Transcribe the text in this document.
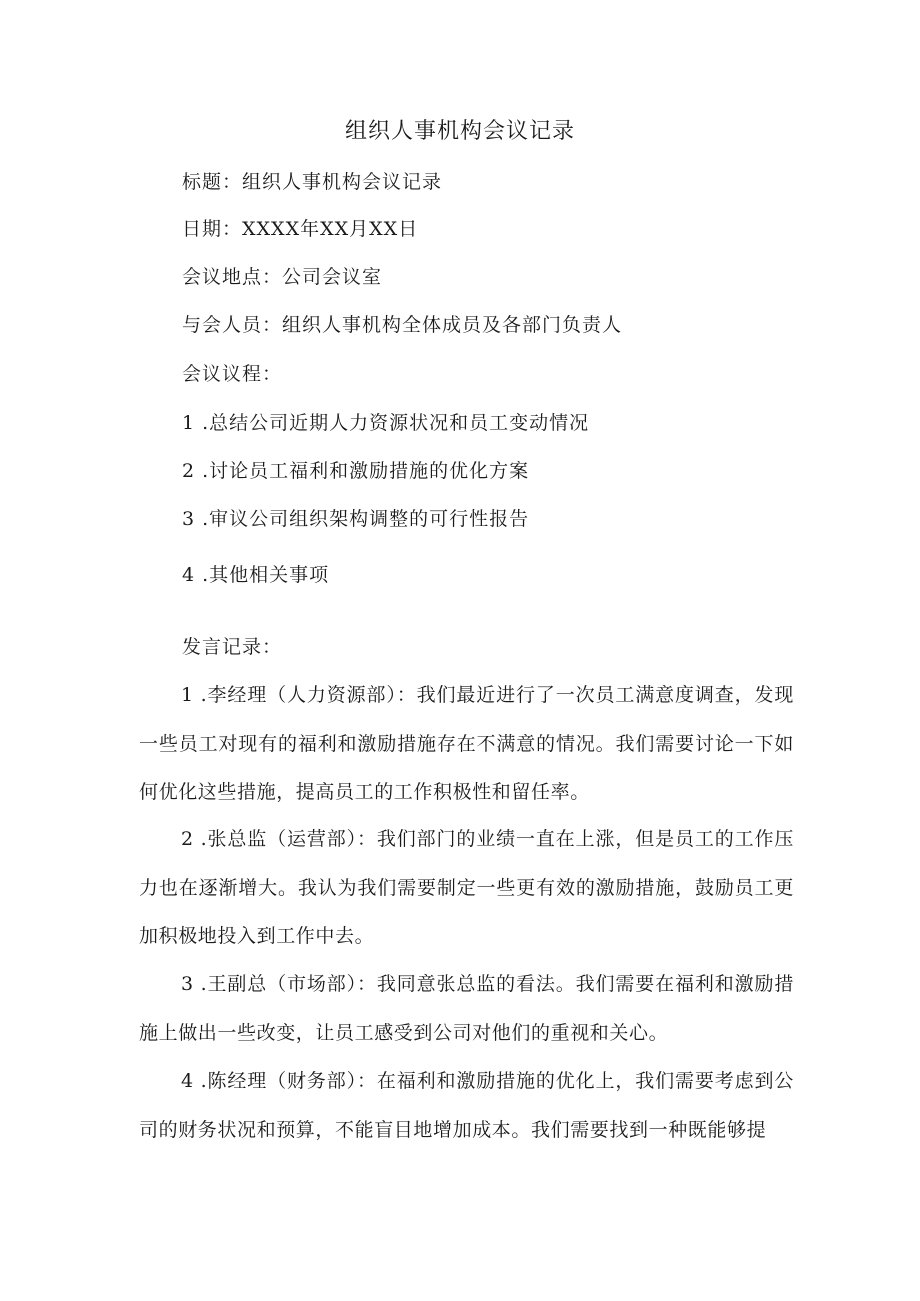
组织人事机构会议记录
标题：组织人事机构会议记录
日期：XXXX年XX月XX日
会议地点：公司会议室
与会人员：组织人事机构全体成员及各部门负责人
会议议程：
1 .总结公司近期人力资源状况和员工变动情况
2 .讨论员工福利和激励措施的优化方案
3 .审议公司组织架构调整的可行性报告
4 .其他相关事项
发言记录：
1 .李经理（人力资源部）：我们最近进行了一次员工满意度调查，发现一些员工对现有的福利和激励措施存在不满意的情况。我们需要讨论一下如何优化这些措施，提高员工的工作积极性和留任率。
2 .张总监（运营部）：我们部门的业绩一直在上涨，但是员工的工作压力也在逐渐增大。我认为我们需要制定一些更有效的激励措施，鼓励员工更加积极地投入到工作中去。
3 .王副总（市场部）：我同意张总监的看法。我们需要在福利和激励措施上做出一些改变，让员工感受到公司对他们的重视和关心。
4 .陈经理（财务部）：在福利和激励措施的优化上，我们需要考虑到公司的财务状况和预算，不能盲目地增加成本。我们需要找到一种既能够提
